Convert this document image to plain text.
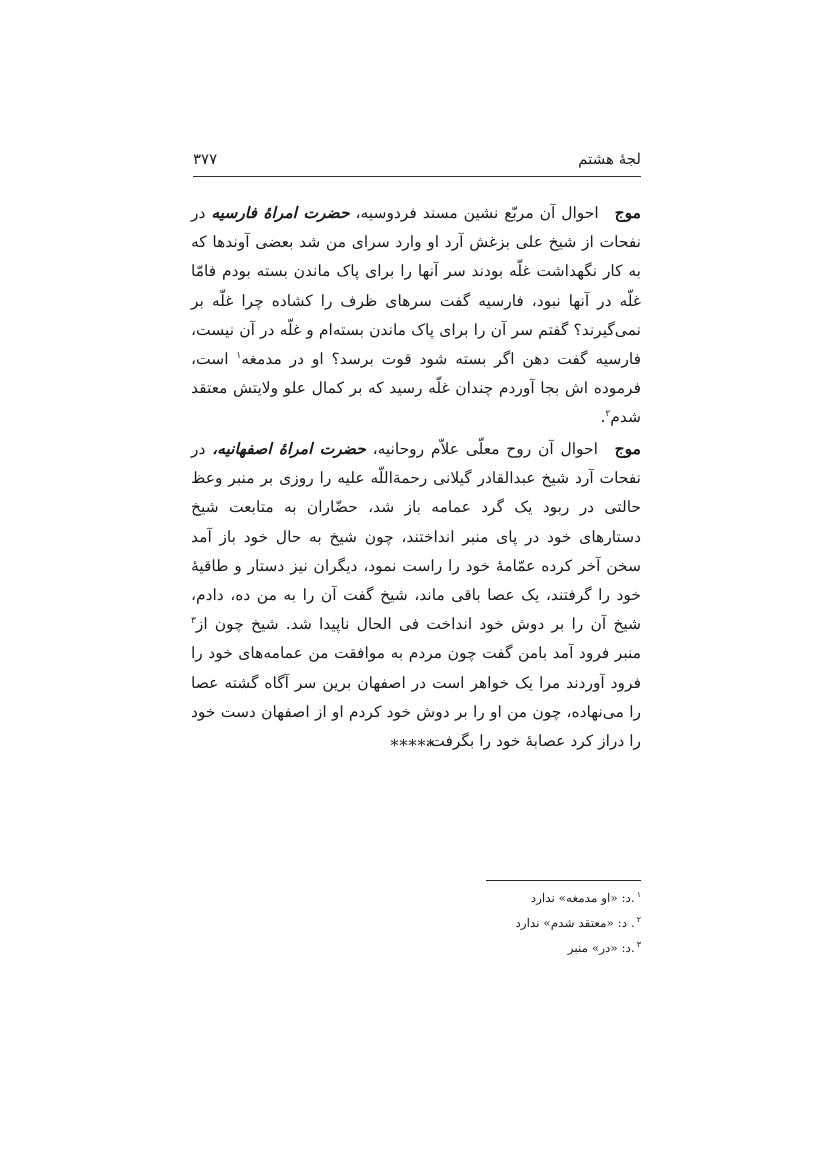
لجهٔ هشتم
۳۷۷
موج احوال آن مربّع نشین مسند فردوسیه، حضرت امراۀ فارسیه در نفحات از شیخ علی بزغش آرد او وارد سرای من شد بعضی آوندها که به کار نگهداشت غلّه بودند سر آنها را برای پاک ماندن بسته بودم فامّا غلّه در آنها نبود، فارسیه گفت سرهای ظرف را کشاده چرا غلّه بر نمی‌گیرند؟ گفتم سر آن را برای پاک ماندن بسته‌ام و غلّه در آن نیست، فارسیه گفت دهن اگر بسته شود قوت برسد؟ او در مدمغه$^۱$ است، فرموده اش بجا آوردم چندان غلّه رسید که بر کمال علو ولایتش معتقد شدم$^۲$.
موج احوال آن روح معلّی علاّم روحانیه، حضرت امراۀ اصفهانیه، در نفحات آرد شیخ عبدالقادر گیلانی رحمةاللّه علیه را روزی بر منبر وعظ حالتی در ربود یک گرد عمامه باز شد، حضّاران به متابعت شیخ دستارهای خود در پای منبر انداختند، چون شیخ به حال خود باز آمد سخن آخر کرده عمّامهٔ خود را راست نمود، دیگران نیز دستار و طاقیهٔ خود را گرفتند، یک عصا باقی ماند، شیخ گفت آن را به من ده، دادم، شیخ آن را بر دوش خود انداخت فی الحال ناپیدا شد. شیخ چون از$^۳$ منبر فرود آمد بامن گفت چون مردم به موافقت من عمامه‌های خود را فرود آوردند مرا یک خواهر است در اصفهان برین سر آگاه گشته عصا را می‌نهاده، چون من او را بر دوش خود کردم او از اصفهان دست خود را دراز کرد عصابهٔ خود را بگرفت.
*****
$^۱$.د: «او مدمغه» ندارد
$^۲$. د: «معتقد شدم» ندارد
$^۳$.د: «در» منبر
